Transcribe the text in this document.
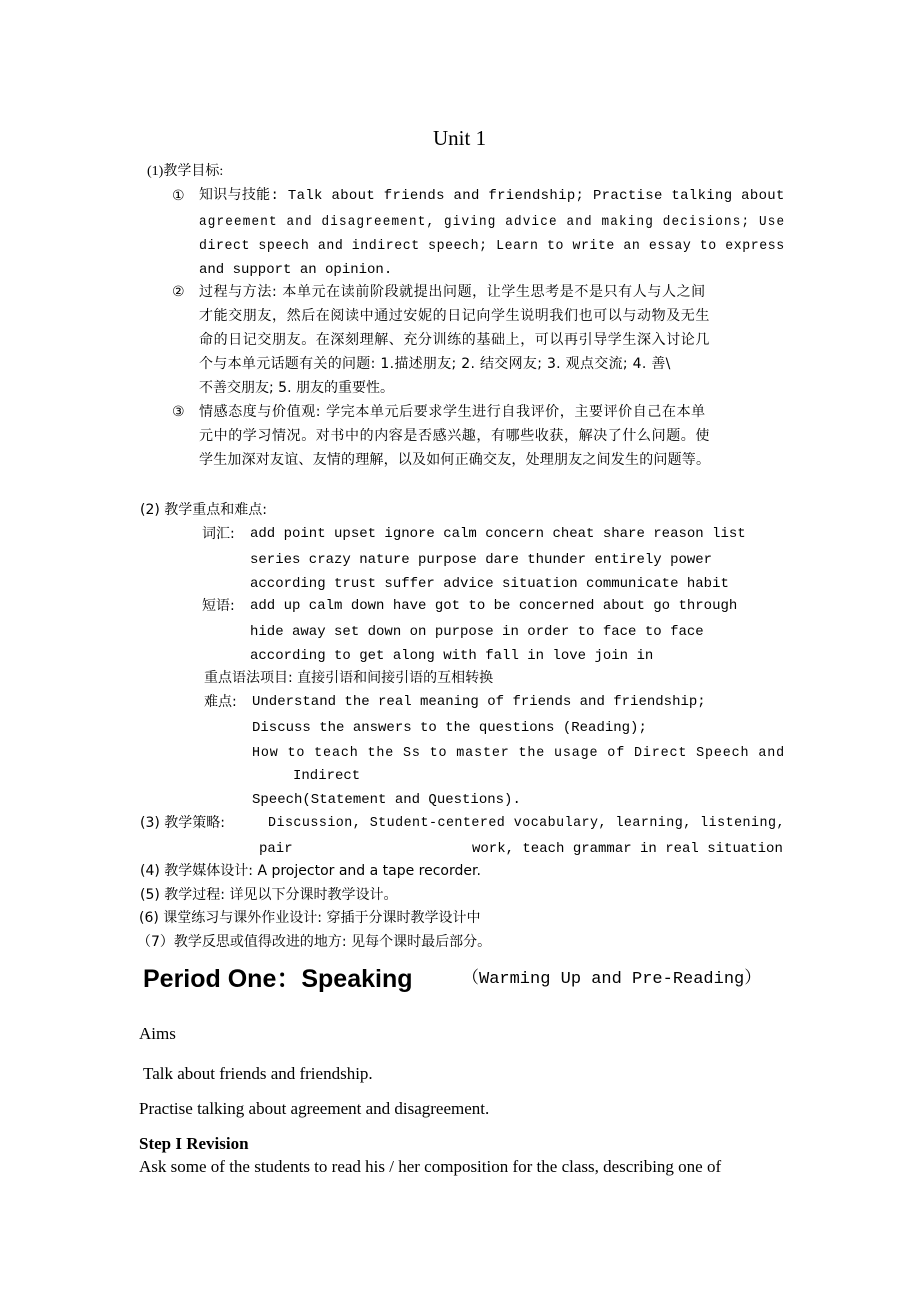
Unit 1
(1)教学目标:
① 知识与技能: Talk about friends and friendship; Practise talking about
agreement and disagreement, giving advice and making decisions; Use
direct speech and indirect speech; Learn to write an essay to express
and support an opinion.
② 过程与方法: 本单元在读前阶段就提出问题，让学生思考是不是只有人与人之间
才能交朋友，然后在阅读中通过安妮的日记向学生说明我们也可以与动物及无生
命的日记交朋友。在深刻理解、充分训练的基础上，可以再引导学生深入讨论几
个与本单元话题有关的问题: 1.描述朋友; 2. 结交网友; 3. 观点交流; 4. 善\
不善交朋友; 5. 朋友的重要性。
③ 情感态度与价值观: 学完本单元后要求学生进行自我评价，主要评价自己在本单
元中的学习情况。对书中的内容是否感兴趣，有哪些收获，解决了什么问题。使
学生加深对友谊、友情的理解，以及如何正确交友，处理朋友之间发生的问题等。
(2) 教学重点和难点:
词汇: add point upset ignore calm concern cheat share reason list
series crazy nature purpose dare thunder entirely power
according trust suffer advice situation communicate habit
短语: add up calm down have got to be concerned about go through
hide away set down on purpose in order to face to face
according to get along with fall in love join in
重点语法项目: 直接引语和间接引语的互相转换
难点: Understand the real meaning of friends and friendship;
Discuss the answers to the questions (Reading);
How to teach the Ss to master the usage of Direct Speech and
Indirect
Speech(Statement and Questions).
(3) 教学策略:	Discussion, Student-centered vocabulary, learning, listening,
pair	work, teach grammar in real situation
(4) 教学媒体设计: A projector and a tape recorder.
(5) 教学过程: 详见以下分课时教学设计。
(6) 课堂练习与课外作业设计: 穿插于分课时教学设计中
（7）教学反思或值得改进的地方: 见每个课时最后部分。
Period One：Speaking	（Warming Up and Pre-Reading）
Aims
Talk about friends and friendship.
Practise talking about agreement and disagreement.
Step I Revision
Ask some of the students to read his / her composition for the class, describing one of
